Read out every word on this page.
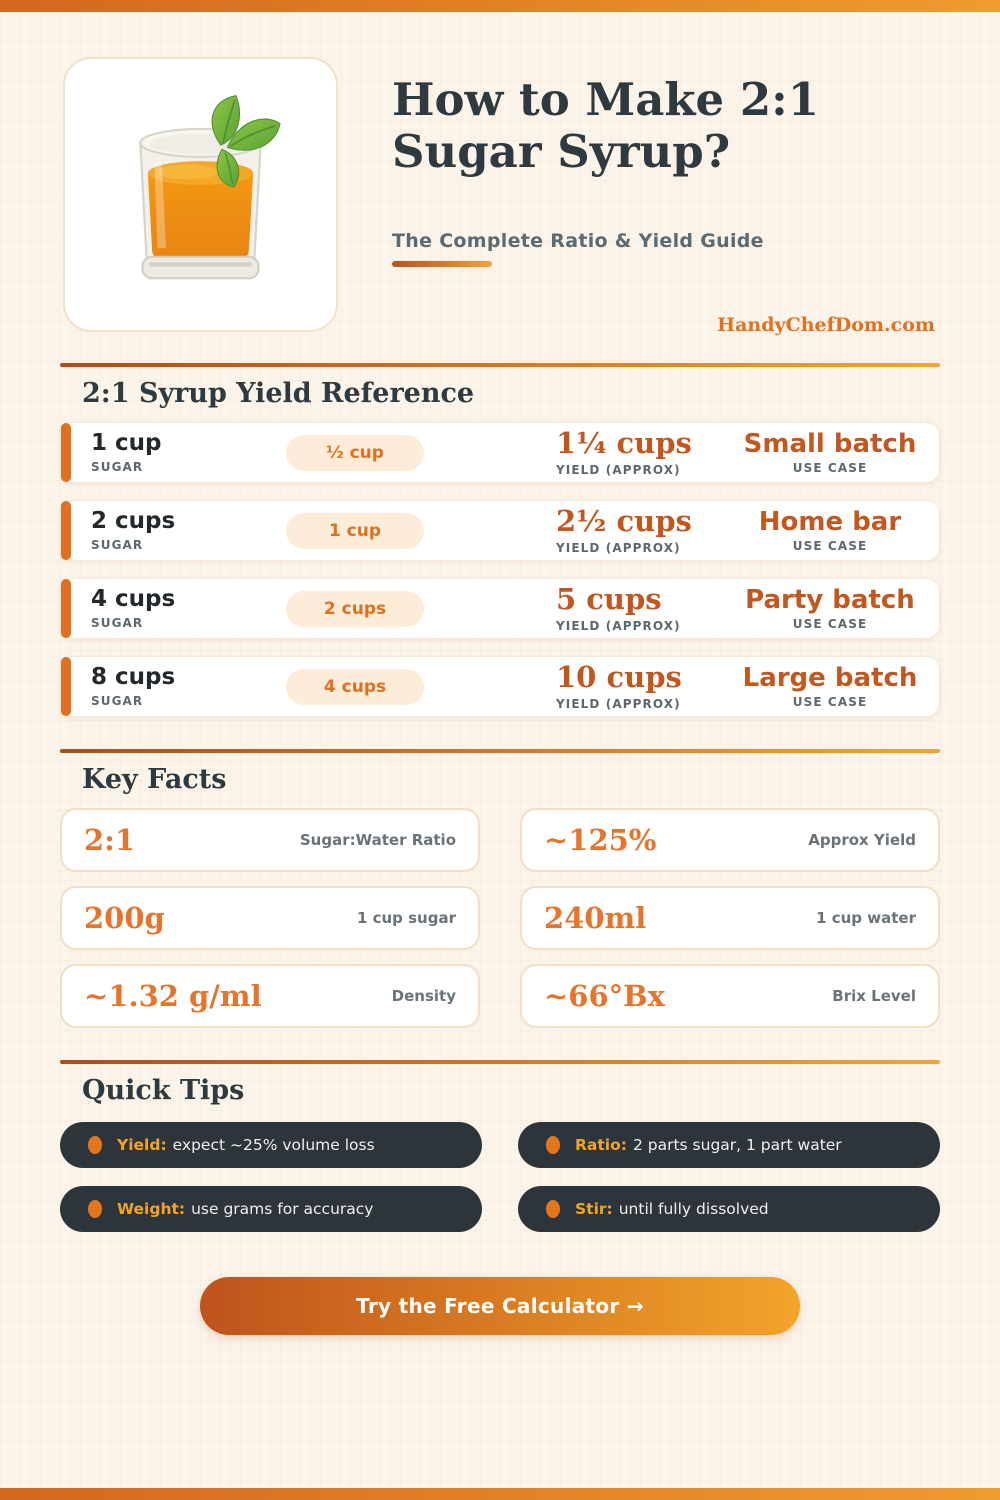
How to Make 2:1
Sugar Syrup?
The Complete Ratio & Yield Guide
HandyChefDom.com
2:1 Syrup Yield Reference
1 cup
SUGAR
½ cup	1¼ cups
YIELD (APPROX)
Small batch
USE CASE
2 cups
SUGAR
1 cup	2½ cups
YIELD (APPROX)
Home bar
USE CASE
4 cups
SUGAR
2 cups	5 cups
YIELD (APPROX)
Party batch
USE CASE
8 cups
SUGAR
4 cups	10 cups
YIELD (APPROX)
Large batch
USE CASE
Key Facts
2:1	Sugar:Water Ratio	~125%	Approx Yield
200g	1 cup sugar	240ml	1 cup water
~1.32 g/ml	Density	~66°Bx	Brix Level
Quick Tips
Yield: expect ~25% volume loss	Ratio: 2 parts sugar, 1 part water
Weight: use grams for accuracy	Stir: until fully dissolved
Try the Free Calculator →
